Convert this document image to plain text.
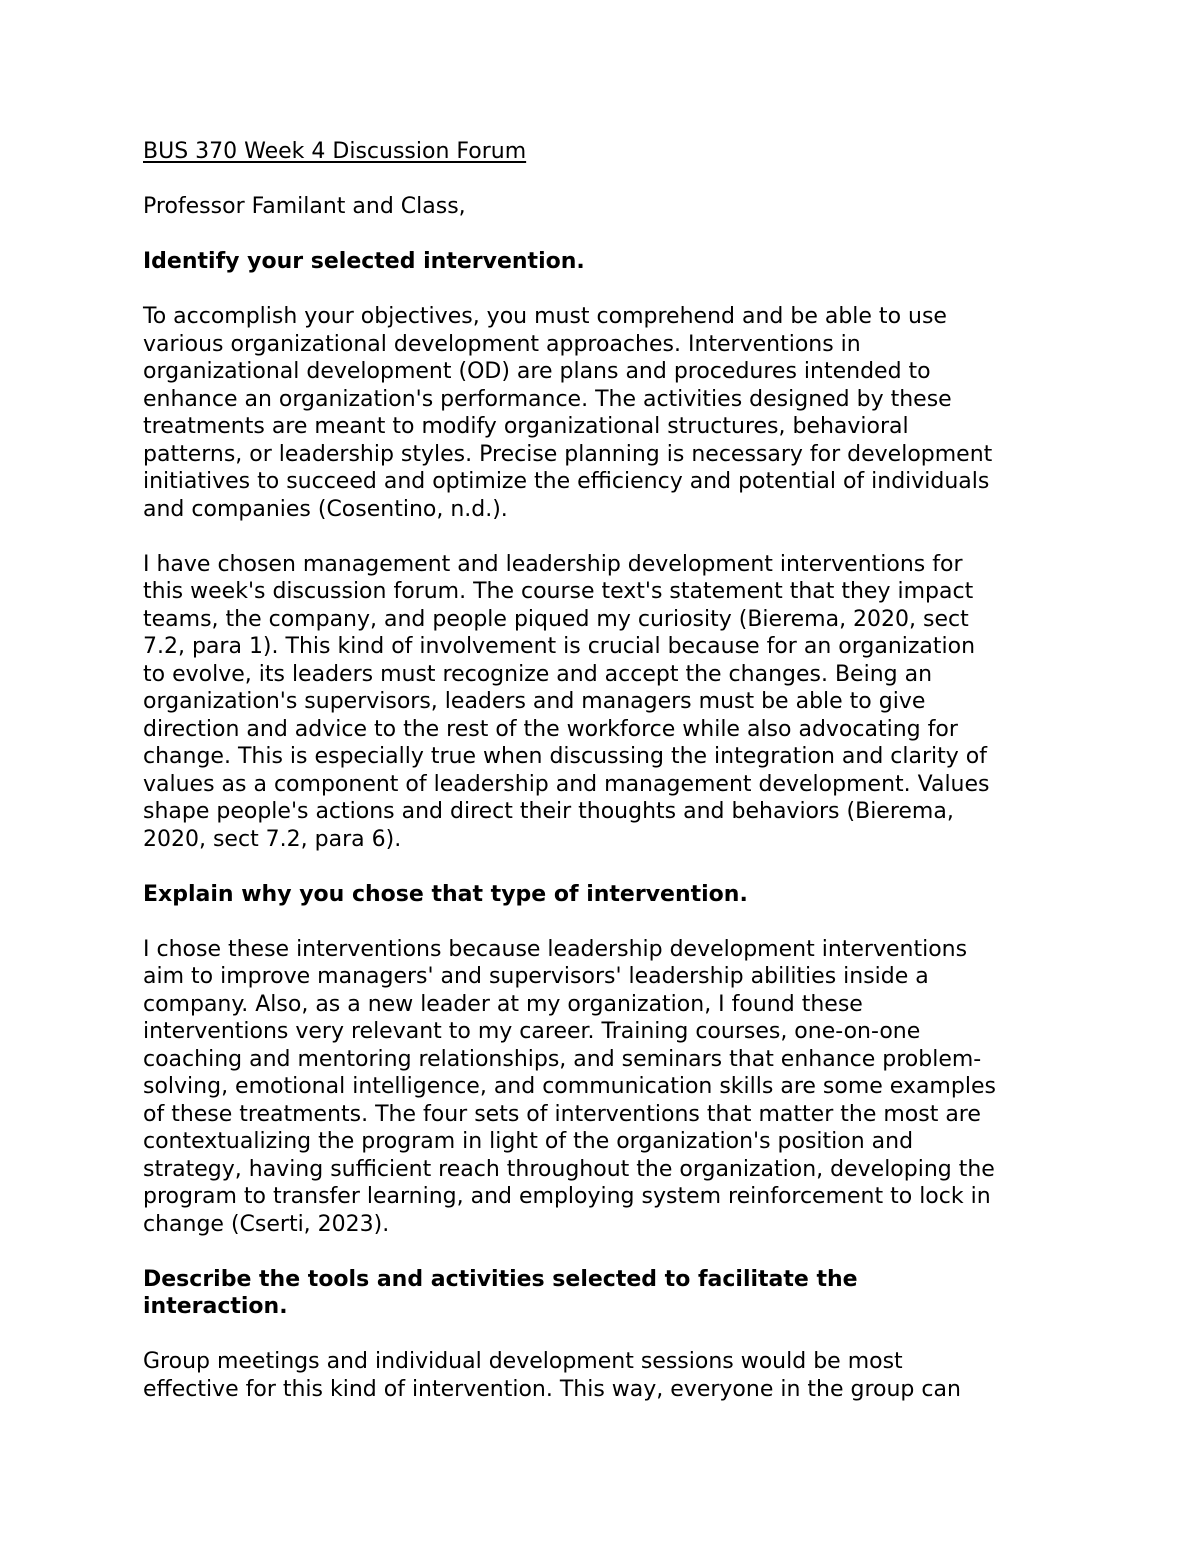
BUS 370 Week 4 Discussion Forum
Professor Familant and Class,
Identify your selected intervention.
To accomplish your objectives, you must comprehend and be able to use
various organizational development approaches. Interventions in
organizational development (OD) are plans and procedures intended to
enhance an organization's performance. The activities designed by these
treatments are meant to modify organizational structures, behavioral
patterns, or leadership styles. Precise planning is necessary for development
initiatives to succeed and optimize the efficiency and potential of individuals
and companies (Cosentino, n.d.).
I have chosen management and leadership development interventions for
this week's discussion forum. The course text's statement that they impact
teams, the company, and people piqued my curiosity (Bierema, 2020, sect
7.2, para 1). This kind of involvement is crucial because for an organization
to evolve, its leaders must recognize and accept the changes. Being an
organization's supervisors, leaders and managers must be able to give
direction and advice to the rest of the workforce while also advocating for
change. This is especially true when discussing the integration and clarity of
values as a component of leadership and management development. Values
shape people's actions and direct their thoughts and behaviors (Bierema,
2020, sect 7.2, para 6).
Explain why you chose that type of intervention.
I chose these interventions because leadership development interventions
aim to improve managers' and supervisors' leadership abilities inside a
company. Also, as a new leader at my organization, I found these
interventions very relevant to my career. Training courses, one-on-one
coaching and mentoring relationships, and seminars that enhance problem-
solving, emotional intelligence, and communication skills are some examples
of these treatments. The four sets of interventions that matter the most are
contextualizing the program in light of the organization's position and
strategy, having sufficient reach throughout the organization, developing the
program to transfer learning, and employing system reinforcement to lock in
change (Cserti, 2023).
Describe the tools and activities selected to facilitate the
interaction.
Group meetings and individual development sessions would be most
effective for this kind of intervention. This way, everyone in the group can
